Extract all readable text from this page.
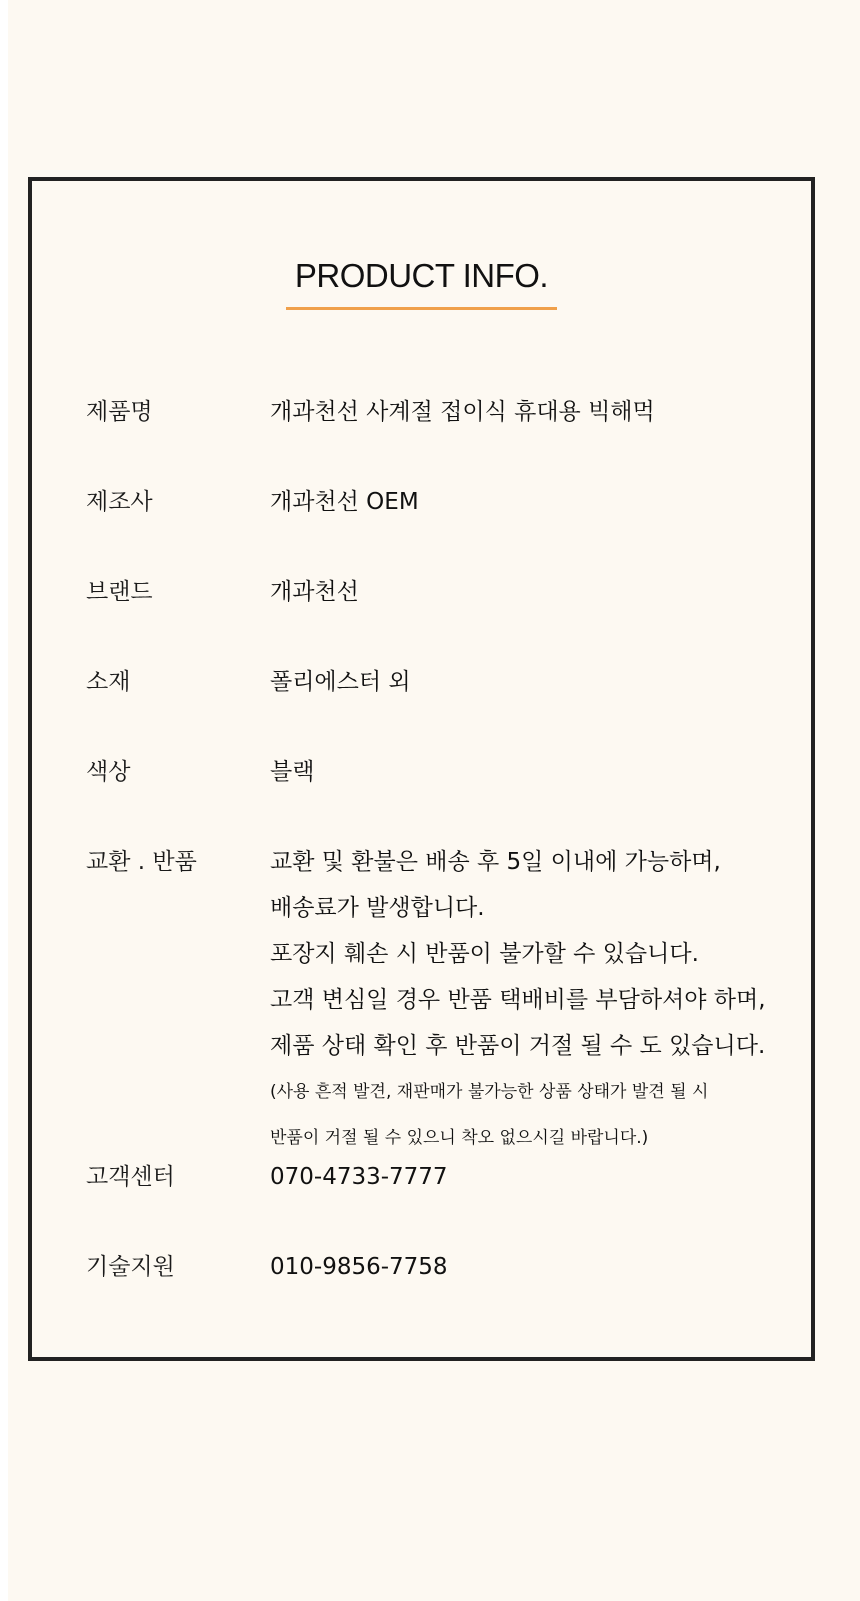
PRODUCT INFO.
제품명	개과천선 사계절 접이식 휴대용 빅해먹
제조사	개과천선 OEM
브랜드	개과천선
소재	폴리에스터 외
색상	블랙
교환 . 반품	교환 및 환불은 배송 후 5일 이내에 가능하며,
배송료가 발생합니다.
포장지 훼손 시 반품이 불가할 수 있습니다.
고객 변심일 경우 반품 택배비를 부담하셔야 하며,
제품 상태 확인 후 반품이 거절 될 수 도 있습니다.
(사용 흔적 발견, 재판매가 불가능한 상품 상태가 발견 될 시
반품이 거절 될 수 있으니 착오 없으시길 바랍니다.)
고객센터	070-4733-7777
기술지원	010-9856-7758
